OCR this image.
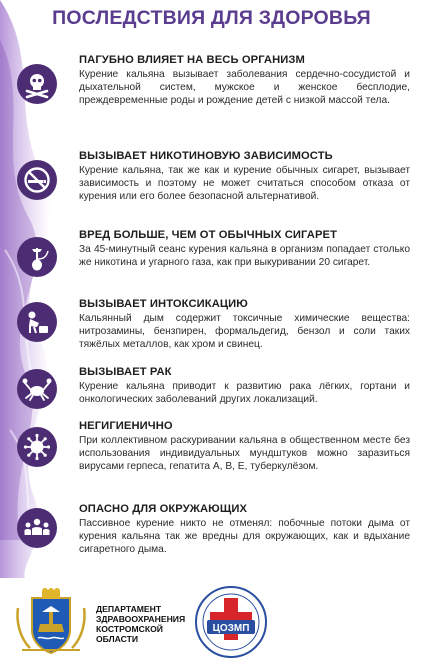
ПОСЛЕДСТВИЯ ДЛЯ ЗДОРОВЬЯ
ПАГУБНО ВЛИЯЕТ НА ВЕСЬ ОРГАНИЗМ

Курение кальяна вызывает заболевания сердечно-сосудистой и дыхательной систем, мужское и женское бесплодие, преждевременные роды и рождение детей с низкой массой тела.

ВЫЗЫВАЕТ НИКОТИНОВУЮ ЗАВИСИМОСТЬ

Курение кальяна, так же как и курение обычных сигарет, вызывает зависимость и поэтому не может считаться способом отказа от курения или его более безопасной альтернативой.

ВРЕД БОЛЬШЕ, ЧЕМ ОТ ОБЫЧНЫХ СИГАРЕТ

За 45-минутный сеанс курения кальяна в организм попадает столько же никотина и угарного газа, как при выкуривании 20 сигарет.

ВЫЗЫВАЕТ ИНТОКСИКАЦИЮ

Кальянный дым содержит токсичные химические вещества: нитрозамины, бензпирен, формальдегид, бензол и соли таких тяжёлых металлов, как хром и свинец.

ВЫЗЫВАЕТ РАК

Курение кальяна приводит к развитию рака лёгких, гортани и онкологических заболеваний других локализаций.

НЕГИГИЕНИЧНО

При коллективном раскуривании кальяна в общественном месте без использования индивидуальных мундштуков можно заразиться вирусами герпеса, гепатита A, B, E, туберкулёзом.

ОПАСНО ДЛЯ ОКРУЖАЮЩИХ

Пассивное курение никто не отменял: побочные потоки дыма от курения кальяна так же вредны для окружающих, как и вдыхание сигаретного дыма.

ДЕПАРТАМЕНТ
ЗДРАВООХРАНЕНИЯ
КОСТРОМСКОЙ ОБЛАСТИ
ЦОЗМП
